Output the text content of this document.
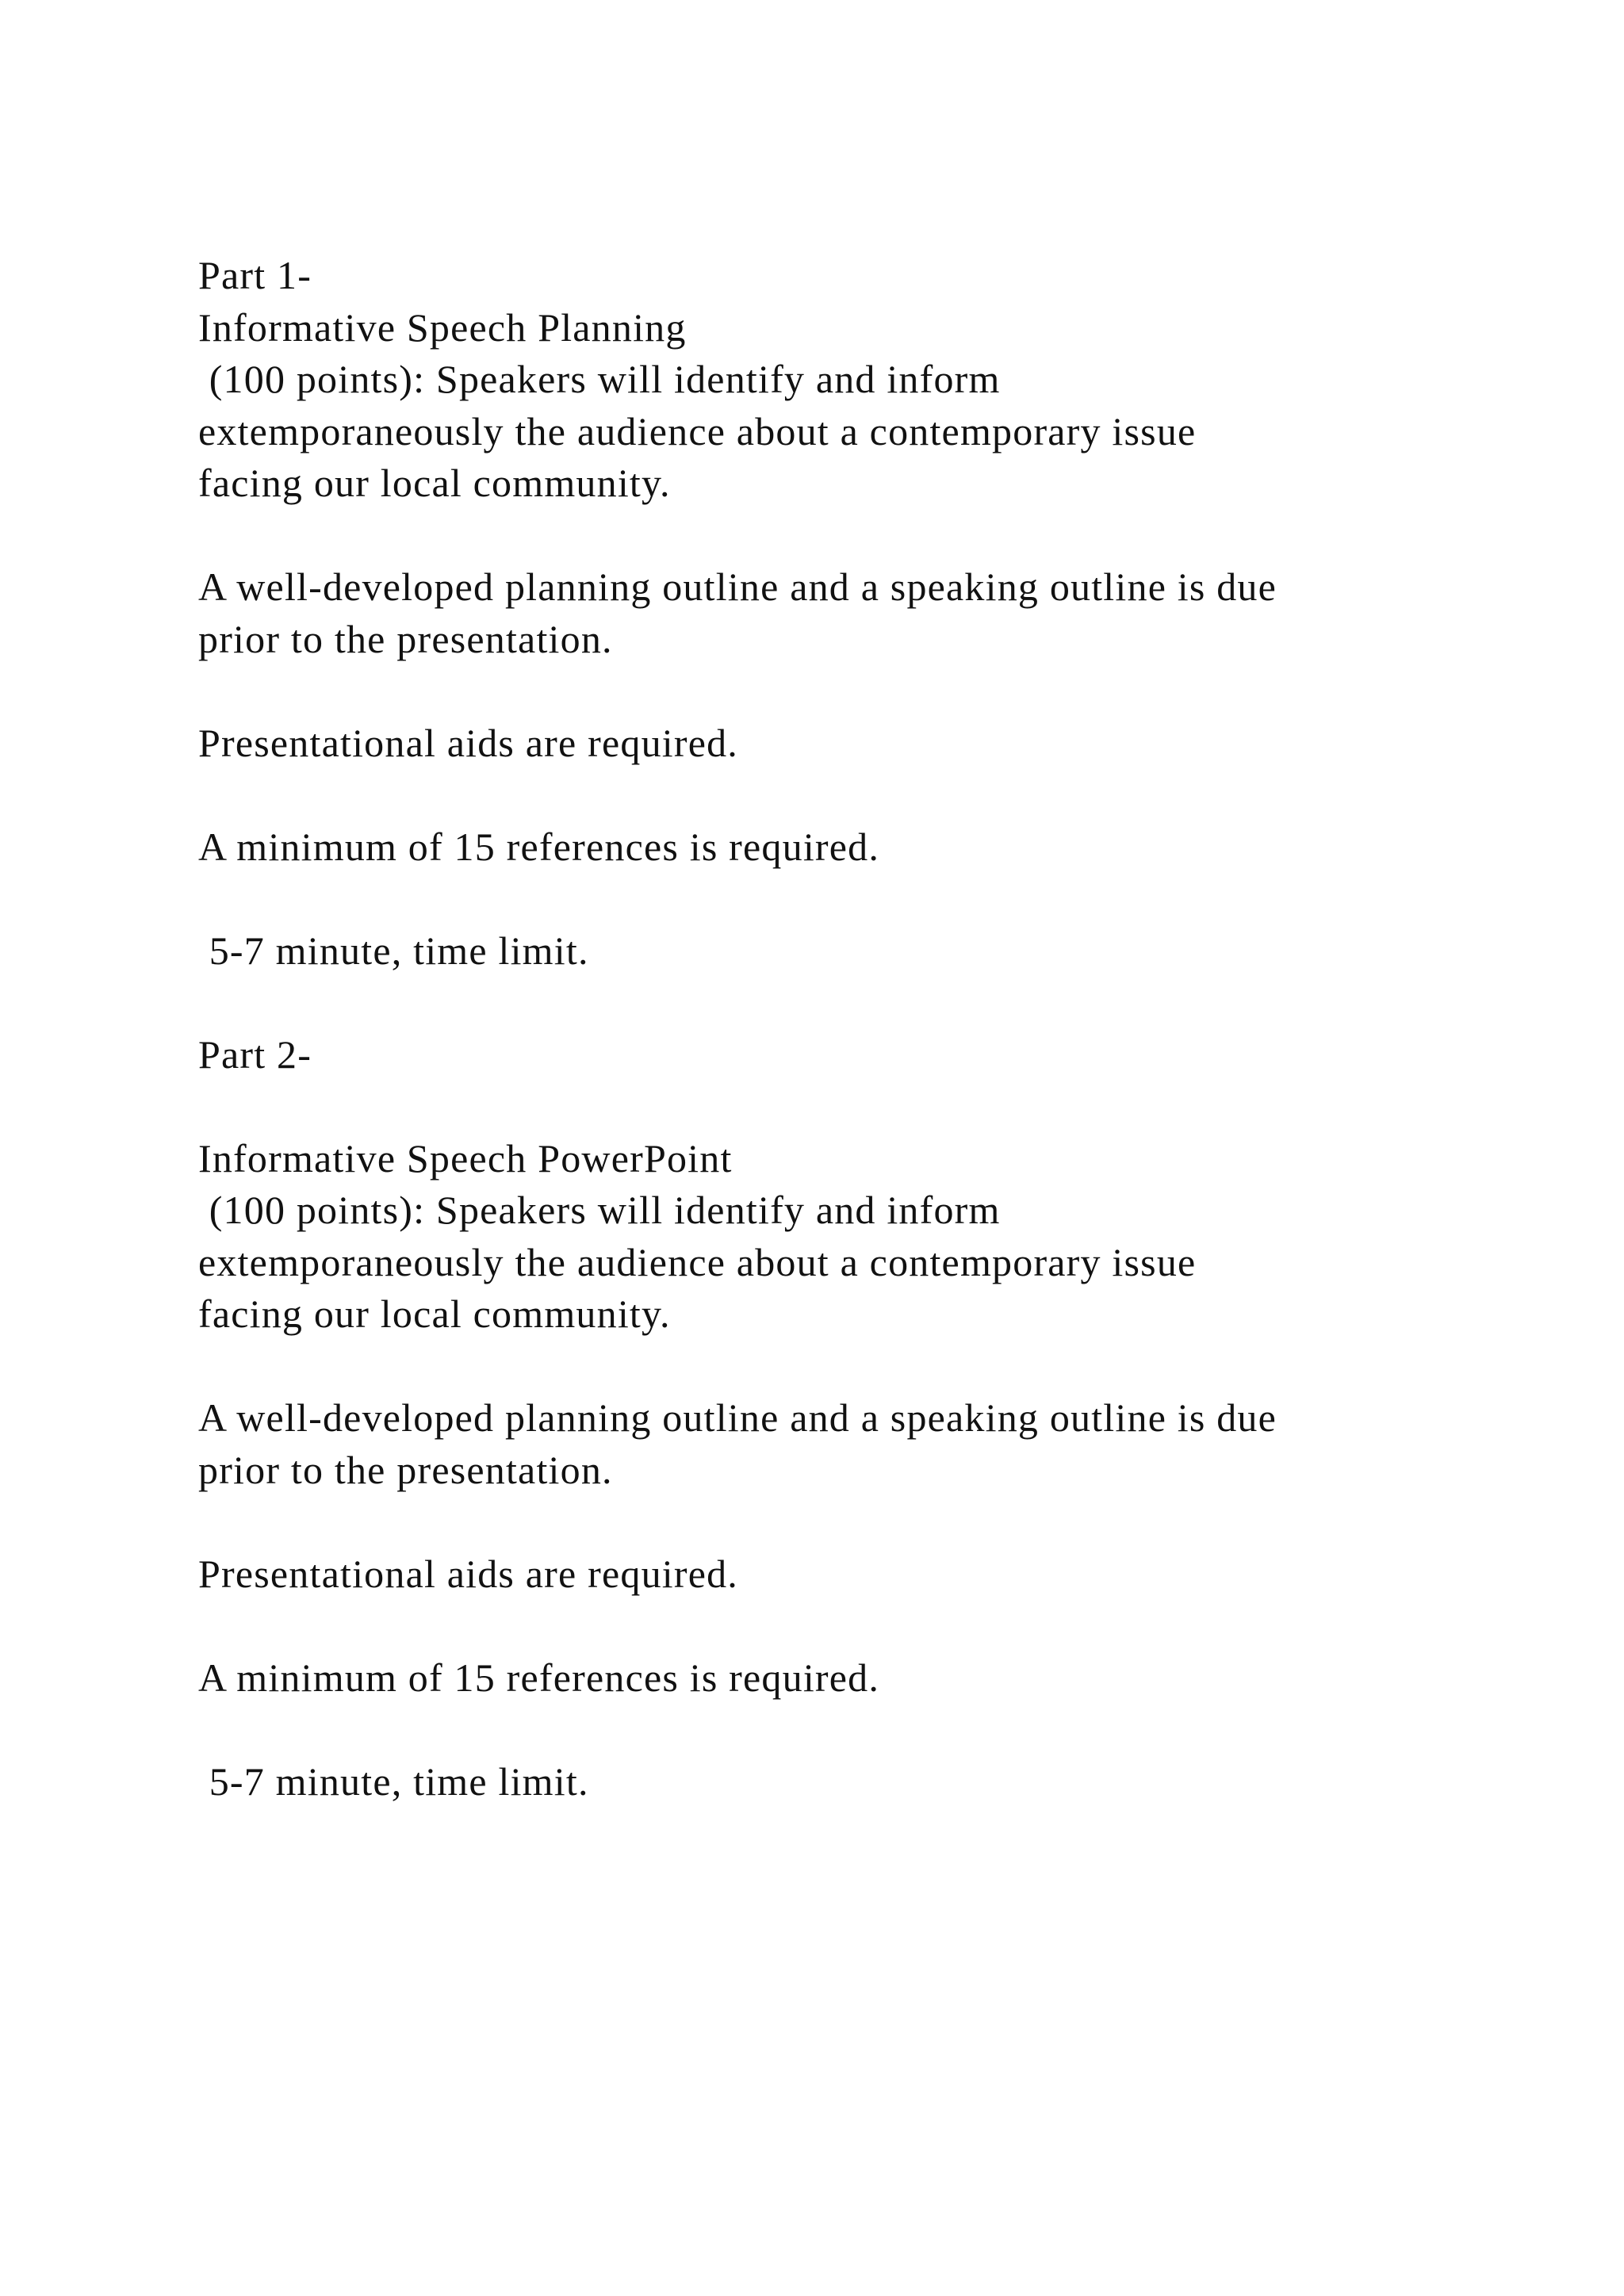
Part 1-
Informative Speech Planning
(100 points): Speakers will identify and inform
extemporaneously the audience about a contemporary issue
facing our local community.
A well-developed planning outline and a speaking outline is due
prior to the presentation.
Presentational aids are required.
A minimum of 15 references is required.
5-7 minute, time limit.
Part 2-
Informative Speech PowerPoint
(100 points): Speakers will identify and inform
extemporaneously the audience about a contemporary issue
facing our local community.
A well-developed planning outline and a speaking outline is due
prior to the presentation.
Presentational aids are required.
A minimum of 15 references is required.
5-7 minute, time limit.
